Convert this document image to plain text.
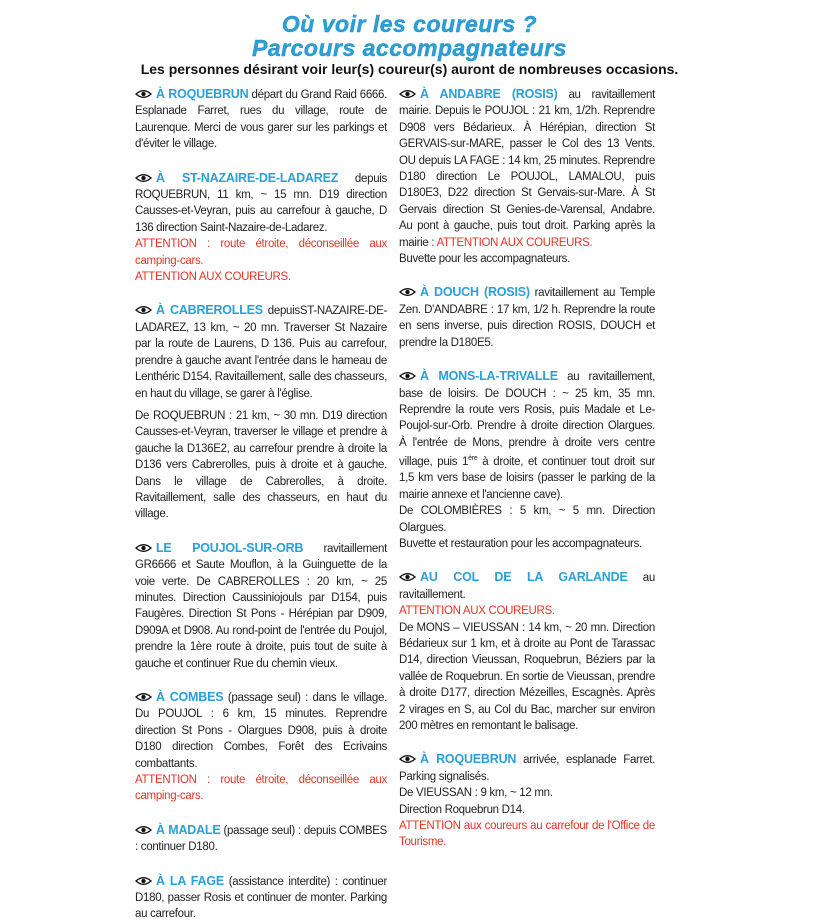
Où voir les coureurs ?
Parcours accompagnateurs
Les personnes désirant voir leur(s) coureur(s) auront de nombreuses occasions.

À ROQUEBRUN départ du Grand Raid 6666. Esplanade Farret, rues du village, route de Laurenque. Merci de vous garer sur les parkings et d'éviter le village.

À ST-NAZAIRE-DE-LADAREZ depuis ROQUEBRUN, 11 km, ~ 15 mn. D19 direction Causses-et-Veyran, puis au carrefour à gauche, D 136 direction Saint-Nazaire-de-Ladarez.
ATTENTION : route étroite, déconseillée aux camping-cars.
ATTENTION AUX COUREURS.

À CABREROLLES depuisST-NAZAIRE-DE-LADAREZ, 13 km, ~ 20 mn. Traverser St Nazaire par la route de Laurens, D 136. Puis au carrefour, prendre à gauche avant l'entrée dans le hameau de Lenthéric D154. Ravitaillement, salle des chasseurs, en haut du village, se garer à l'église.
De ROQUEBRUN : 21 km, ~ 30 mn. D19 direction Causses-et-Veyran, traverser le village et prendre à gauche la D136E2, au carrefour prendre à droite la D136 vers Cabrerolles, puis à droite et à gauche. Dans le village de Cabrerolles, à droite. Ravitaillement, salle des chasseurs, en haut du village.

LE POUJOL-SUR-ORB ravitaillement GR6666 et Saute Mouflon, à la Guinguette de la voie verte. De CABREROLLES : 20 km, ~ 25 minutes. Direction Caussiniojouls par D154, puis Faugères. Direction St Pons - Hérépian par D909, D909A et D908. Au rond-point de l'entrée du Poujol, prendre la 1ère route à droite, puis tout de suite à gauche et continuer Rue du chemin vieux.

À COMBES (passage seul) : dans le village. Du POUJOL : 6 km, 15 minutes. Reprendre direction St Pons - Olargues D908, puis à droite D180 direction Combes, Forêt des Ecrivains combattants.
ATTENTION : route étroite, déconseillée aux camping-cars.

À MADALE (passage seul) : depuis COMBES : continuer D180.

À LA FAGE (assistance interdite) : continuer D180, passer Rosis et continuer de monter. Parking au carrefour.

À ANDABRE (ROSIS) au ravitaillement mairie. Depuis le POUJOL : 21 km, 1/2h. Reprendre D908 vers Bédarieux. À Hérépian, direction St GERVAIS-sur-MARE, passer le Col des 13 Vents. OU depuis LA FAGE : 14 km, 25 minutes. Reprendre D180 direction Le POUJOL, LAMALOU, puis D180E3, D22 direction St Gervais-sur-Mare. À St Gervais direction St Genies-de-Varensal, Andabre. Au pont à gauche, puis tout droit. Parking après la mairie : ATTENTION AUX COUREURS.
Buvette pour les accompagnateurs.

À DOUCH (ROSIS) ravitaillement au Temple Zen. D'ANDABRE : 17 km, 1/2 h. Reprendre la route en sens inverse, puis direction ROSIS, DOUCH et prendre la D180E5.

À MONS-LA-TRIVALLE au ravitaillement, base de loisirs. De DOUCH : ~ 25 km, 35 mn. Reprendre la route vers Rosis, puis Madale et Le-Poujol-sur-Orb. Prendre à droite direction Olargues. À l'entrée de Mons, prendre à droite vers centre village, puis 1ère à droite, et continuer tout droit sur 1,5 km vers base de loisirs (passer le parking de la mairie annexe et l'ancienne cave).
De COLOMBIÈRES : 5 km, ~ 5 mn. Direction Olargues.
Buvette et restauration pour les accompagnateurs.

AU COL DE LA GARLANDE au ravitaillement.
ATTENTION AUX COUREURS.
De MONS – VIEUSSAN : 14 km, ~ 20 mn. Direction Bédarieux sur 1 km, et à droite au Pont de Tarassac D14, direction Vieussan, Roquebrun, Béziers par la vallée de Roquebrun. En sortie de Vieussan, prendre à droite D177, direction Mézeilles, Escagnès. Après 2 virages en S, au Col du Bac, marcher sur environ 200 mètres en remontant le balisage.

À ROQUEBRUN arrivée, esplanade Farret. Parking signalisés.
De VIEUSSAN : 9 km, ~ 12 mn.
Direction Roquebrun D14.
ATTENTION aux coureurs au carrefour de l'Office de Tourisme.
